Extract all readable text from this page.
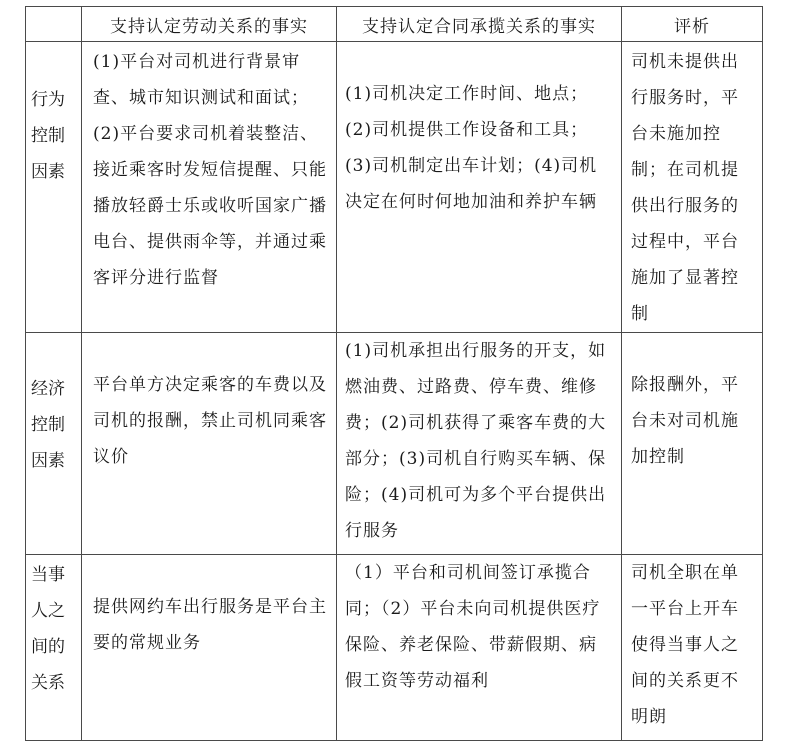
	支持认定劳动关系的事实	支持认定合同承揽关系的事实	评析

行为
控制
因素	(1)平台对司机进行背景审查、城市知识测试和面试；(2)平台要求司机着装整洁、接近乘客时发短信提醒、只能播放轻爵士乐或收听国家广播电台、提供雨伞等，并通过乘客评分进行监督	(1)司机决定工作时间、地点；(2)司机提供工作设备和工具；(3)司机制定出车计划；(4)司机决定在何时何地加油和养护车辆	司机未提供出行服务时，平台未施加控制；在司机提供出行服务的过程中，平台施加了显著控制

经济
控制
因素	平台单方决定乘客的车费以及司机的报酬，禁止司机同乘客议价	(1)司机承担出行服务的开支，如燃油费、过路费、停车费、维修费；(2)司机获得了乘客车费的大部分；(3)司机自行购买车辆、保险；(4)司机可为多个平台提供出行服务	除报酬外，平台未对司机施加控制

当事
人之
间的
关系	提供网约车出行服务是平台主要的常规业务	（1）平台和司机间签订承揽合同；（2）平台未向司机提供医疗保险、养老保险、带薪假期、病假工资等劳动福利	司机全职在单一平台上开车使得当事人之间的关系更不明朗
